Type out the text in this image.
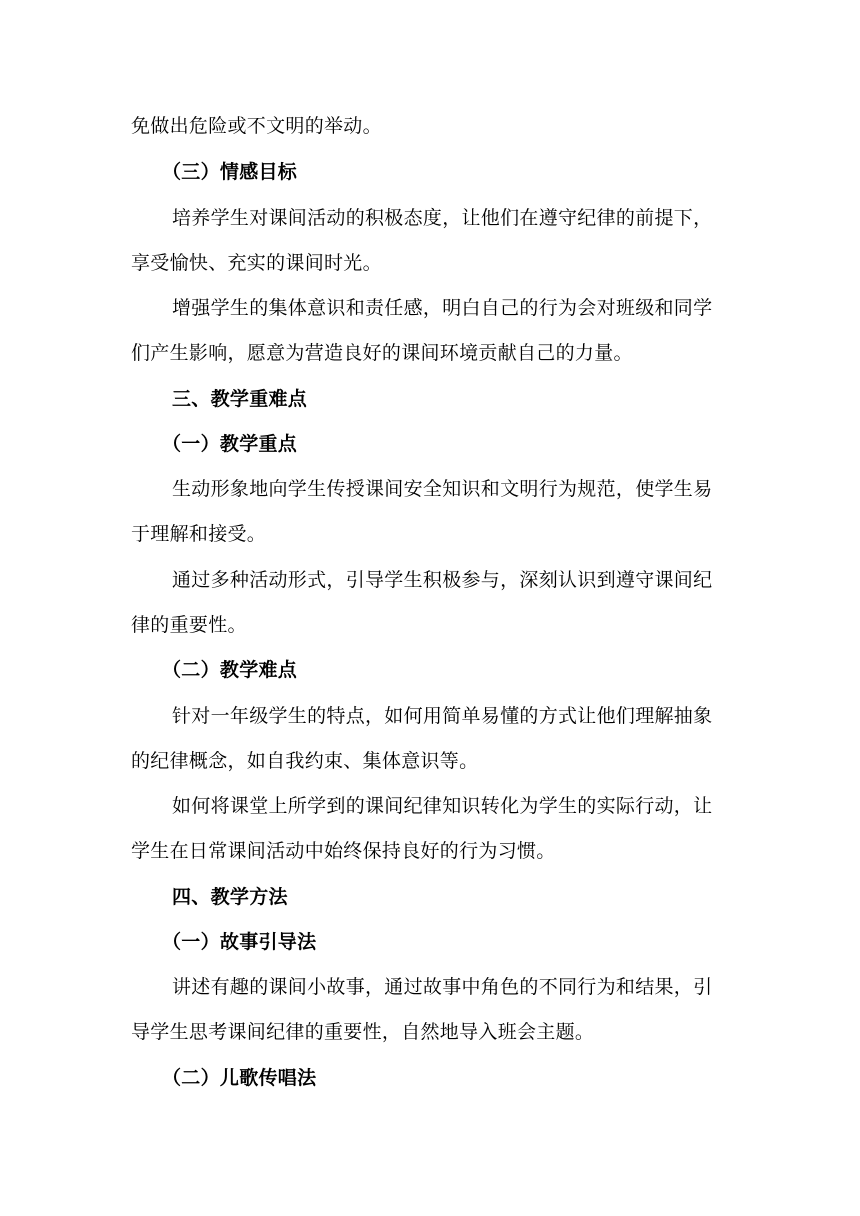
免做出危险或不文明的举动。
（三）情感目标
培养学生对课间活动的积极态度，让他们在遵守纪律的前提下，
享受愉快、充实的课间时光。
增强学生的集体意识和责任感，明白自己的行为会对班级和同学
们产生影响，愿意为营造良好的课间环境贡献自己的力量。
三、教学重难点
（一）教学重点
生动形象地向学生传授课间安全知识和文明行为规范，使学生易
于理解和接受。
通过多种活动形式，引导学生积极参与，深刻认识到遵守课间纪
律的重要性。
（二）教学难点
针对一年级学生的特点，如何用简单易懂的方式让他们理解抽象
的纪律概念，如自我约束、集体意识等。
如何将课堂上所学到的课间纪律知识转化为学生的实际行动，让
学生在日常课间活动中始终保持良好的行为习惯。
四、教学方法
（一）故事引导法
讲述有趣的课间小故事，通过故事中角色的不同行为和结果，引
导学生思考课间纪律的重要性，自然地导入班会主题。
（二）儿歌传唱法
